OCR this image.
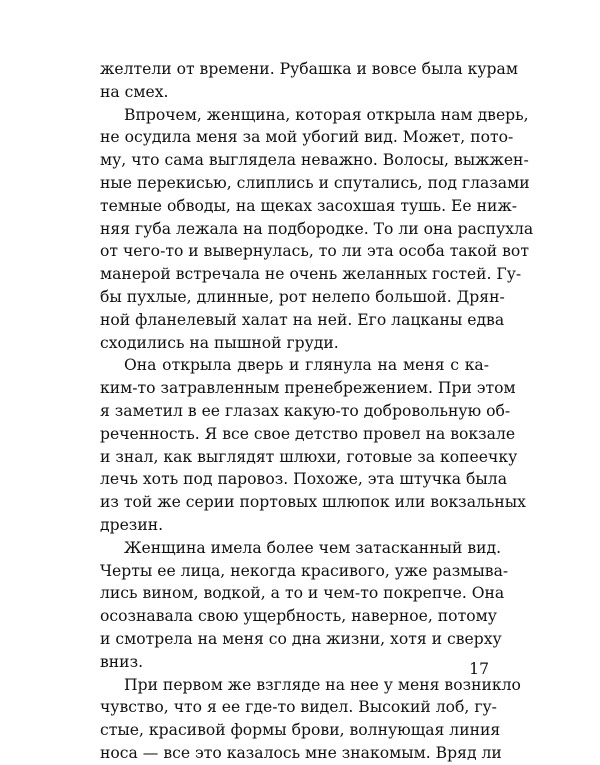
желтели от времени. Рубашка и вовсе была курам
на смех.
Впрочем, женщина, которая открыла нам дверь,
не осудила меня за мой убогий вид. Может, пото-
му, что сама выглядела неважно. Волосы, выжжен-
ные перекисью, слиплись и спутались, под глазами
темные обводы, на щеках засохшая тушь. Ее ниж-
няя губа лежала на подбородке. То ли она распухла
от чего-то и вывернулась, то ли эта особа такой вот
манерой встречала не очень желанных гостей. Гу-
бы пухлые, длинные, рот нелепо большой. Дрян-
ной фланелевый халат на ней. Его лацканы едва
сходились на пышной груди.
Она открыла дверь и глянула на меня с ка-
ким-то затравленным пренебрежением. При этом
я заметил в ее глазах какую-то добровольную об-
реченность. Я все свое детство провел на вокзале
и знал, как выглядят шлюхи, готовые за копеечку
лечь хоть под паровоз. Похоже, эта штучка была
из той же серии портовых шлюпок или вокзальных
дрезин.
Женщина имела более чем затасканный вид.
Черты ее лица, некогда красивого, уже размыва-
лись вином, водкой, а то и чем-то покрепче. Она
осознавала свою ущербность, наверное, потому
и смотрела на меня со дна жизни, хотя и сверху
вниз.
При первом же взгляде на нее у меня возникло
чувство, что я ее где-то видел. Высокий лоб, гу-
стые, красивой формы брови, волнующая линия
носа — все это казалось мне знакомым. Вряд ли
17
